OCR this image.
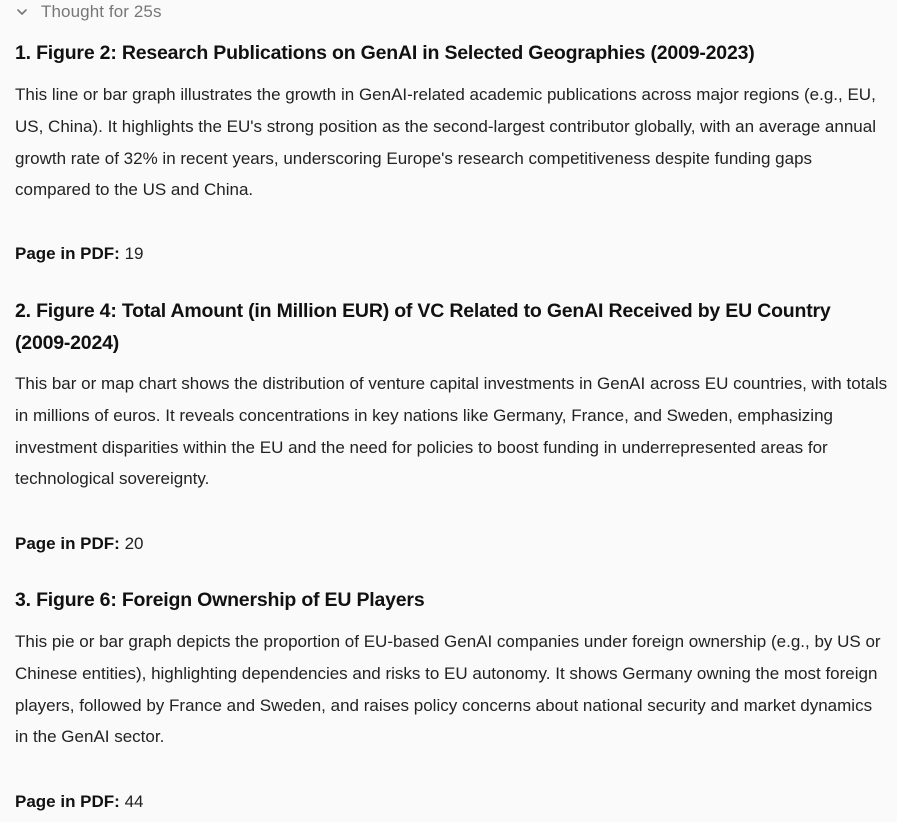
Thought for 25s
1. Figure 2: Research Publications on GenAI in Selected Geographies (2009-2023)

This line or bar graph illustrates the growth in GenAI-related academic publications across major regions (e.g., EU, US, China). It highlights the EU's strong position as the second-largest contributor globally, with an average annual growth rate of 32% in recent years, underscoring Europe's research competitiveness despite funding gaps compared to the US and China.

Page in PDF: 19
2. Figure 4: Total Amount (in Million EUR) of VC Related to GenAI Received by EU Country (2009-2024)

This bar or map chart shows the distribution of venture capital investments in GenAI across EU countries, with totals in millions of euros. It reveals concentrations in key nations like Germany, France, and Sweden, emphasizing investment disparities within the EU and the need for policies to boost funding in underrepresented areas for technological sovereignty.

Page in PDF: 20
3. Figure 6: Foreign Ownership of EU Players

This pie or bar graph depicts the proportion of EU-based GenAI companies under foreign ownership (e.g., by US or Chinese entities), highlighting dependencies and risks to EU autonomy. It shows Germany owning the most foreign players, followed by France and Sweden, and raises policy concerns about national security and market dynamics in the GenAI sector.

Page in PDF: 44
